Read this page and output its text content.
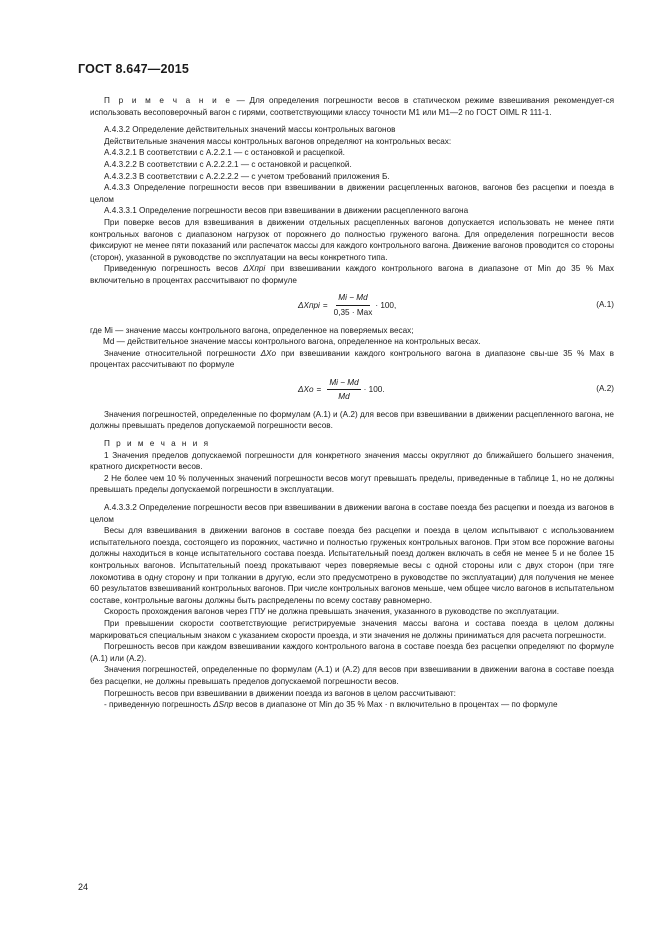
ГОСТ 8.647—2015

П р и м е ч а н и е — Для определения погрешности весов в статическом режиме взвешивания рекомендует-ся использовать весоповерочный вагон с гирями, соответствующими классу точности M1 или M1—2 по ГОСТ OIML R 111-1.

А.4.3.2 Определение действительных значений массы контрольных вагонов

Действительные значения массы контрольных вагонов определяют на контрольных весах:

А.4.3.2.1 В соответствии с А.2.2.1 — с остановкой и расцепкой.

А.4.3.2.2 В соответствии с А.2.2.2.1 — с остановкой и расцепкой.

А.4.3.2.3 В соответствии с А.2.2.2.2 — с учетом требований приложения Б.

А.4.3.3 Определение погрешности весов при взвешивании в движении расцепленных вагонов, вагонов без расцепки и поезда в целом

А.4.3.3.1 Определение погрешности весов при взвешивании в движении расцепленного вагона

При поверке весов для взвешивания в движении отдельных расцепленных вагонов допускается использовать не менее пяти контрольных вагонов с диапазоном нагрузок от порожнего до полностью груженого вагона. Для определения погрешности весов фиксируют не менее пяти показаний или распечаток массы для каждого контрольного вагона. Движение вагонов проводится со стороны (сторон), указанной в руководстве по эксплуатации на весы конкретного типа.

Приведенную погрешность весов ΔXпрi при взвешивании каждого контрольного вагона в диапазоне от Min до 35 % Max включительно в процентах рассчитывают по формуле

ΔXпрi = $\frac{Mi - Md}{\text{0,35 · Max}} \cdot 100$,	(А.1)

где Mi — значение массы контрольного вагона, определенное на поверяемых весах;

Md — действительное значение массы контрольного вагона, определенное на контрольных весах.

Значение относительной погрешности ΔXо при взвешивании каждого контрольного вагона в диапазоне свы-ше 35 % Max в процентах рассчитывают по формуле

$\Delta Xо = \frac{Mi - Md}{Md} \cdot 100$.	(А.2)

Значения погрешностей, определенные по формулам (А.1) и (А.2) для весов при взвешивании в движении расцепленного вагона, не должны превышать пределов допускаемой погрешности весов.

П р и м е ч а н и я

1 Значения пределов допускаемой погрешности для конкретного значения массы округляют до ближайшего большего значения, кратного дискретности весов.

2 Не более чем 10 % полученных значений погрешности весов могут превышать пределы, приведенные в таблице 1, но не должны превышать пределы допускаемой погрешности в эксплуатации.

А.4.3.3.2 Определение погрешности весов при взвешивании в движении вагона в составе поезда без расцепки и поезда из вагонов в целом

Весы для взвешивания в движении вагонов в составе поезда без расцепки и поезда в целом испытывают с использованием испытательного поезда, состоящего из порожних, частично и полностью груженых контрольных вагонов. При этом все порожние вагоны должны находиться в конце испытательного состава поезда. Испытательный поезд должен включать в себя не менее 5 и не более 15 контрольных вагонов. Испытательный поезд прокатывают через поверяемые весы с одной стороны или с двух сторон (при тяге локомотива в одну сторону и при толкании в другую, если это предусмотрено в руководстве по эксплуатации) для получения не менее 60 результатов взвешиваний контрольных вагонов. При числе контрольных вагонов меньше, чем общее число вагонов в испытательном составе, контрольные вагоны должны быть распределены по всему составу равномерно.

Скорость прохождения вагонов через ГПУ не должна превышать значения, указанного в руководстве по эксплуатации.

При превышении скорости соответствующие регистрируемые значения массы вагона и состава поезда в целом должны маркироваться специальным знаком с указанием скорости проезда, и эти значения не должны приниматься для расчета погрешности.

Погрешность весов при каждом взвешивании каждого контрольного вагона в составе поезда без расцепки определяют по формуле (А.1) или (А.2).

Значения погрешностей, определенные по формулам (А.1) и (А.2) для весов при взвешивании в движении вагона в составе поезда без расцепки, не должны превышать пределов допускаемой погрешности весов.

Погрешность весов при взвешивании в движении поезда из вагонов в целом рассчитывают:

- приведенную погрешность ΔSпр весов в диапазоне от Min до 35 % Max · n включительно в процентах — по формуле

24
